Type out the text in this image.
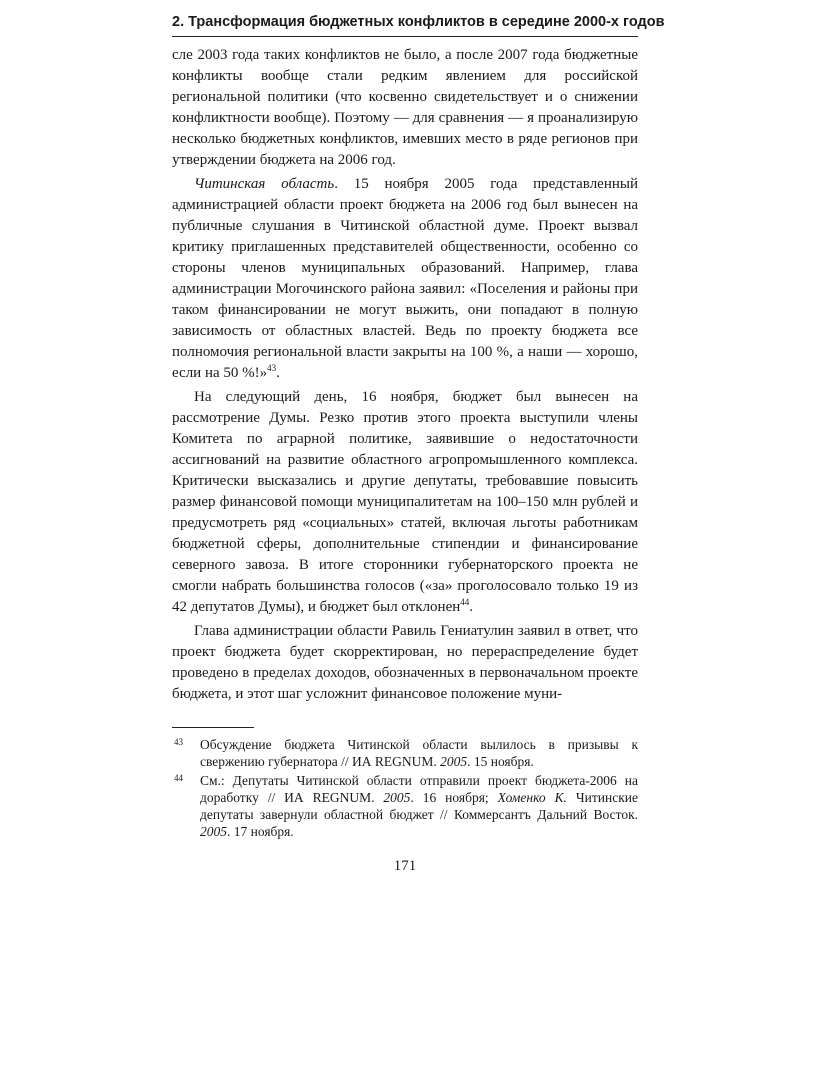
2. Трансформация бюджетных конфликтов в середине 2000-х годов

сле 2003 года таких конфликтов не было, а после 2007 года бюджетные конфликты вообще стали редким явлением для российской региональной политики (что косвенно свидетельствует и о снижении конфликтности вообще). Поэтому — для сравнения — я проанализирую несколько бюджетных конфликтов, имевших место в ряде регионов при утверждении бюджета на 2006 год.

Читинская область. 15 ноября 2005 года представленный администрацией области проект бюджета на 2006 год был вынесен на публичные слушания в Читинской областной думе. Проект вызвал критику приглашенных представителей общественности, особенно со стороны членов муниципальных образований. Например, глава администрации Могочинского района заявил: «Поселения и районы при таком финансировании не могут выжить, они попадают в полную зависимость от областных властей. Ведь по проекту бюджета все полномочия региональной власти закрыты на 100 %, а наши — хорошо, если на 50 %!»$^{43}$.

На следующий день, 16 ноября, бюджет был вынесен на рассмотрение Думы. Резко против этого проекта выступили члены Комитета по аграрной политике, заявившие о недостаточности ассигнований на развитие областного агропромышленного комплекса. Критически высказались и другие депутаты, требовавшие повысить размер финансовой помощи муниципалитетам на 100–150 млн рублей и предусмотреть ряд «социальных» статей, включая льготы работникам бюджетной сферы, дополнительные стипендии и финансирование северного завоза. В итоге сторонники губернаторского проекта не смогли набрать большинства голосов («за» проголосовало только 19 из 42 депутатов Думы), и бюджет был отклонен$^{44}$.

Глава администрации области Равиль Гениатулин заявил в ответ, что проект бюджета будет скорректирован, но перераспределение будет проведено в пределах доходов, обозначенных в первоначальном проекте бюджета, и этот шаг усложнит финансовое положение муни-

43 Обсуждение бюджета Читинской области вылилось в призывы к свержению губернатора // ИА REGNUM. 2005. 15 ноября.
44 См.: Депутаты Читинской области отправили проект бюджета-2006 на доработку // ИА REGNUM. 2005. 16 ноября; Хоменко К. Читинские депутаты завернули областной бюджет // Коммерсантъ Дальний Восток. 2005. 17 ноября.
171
